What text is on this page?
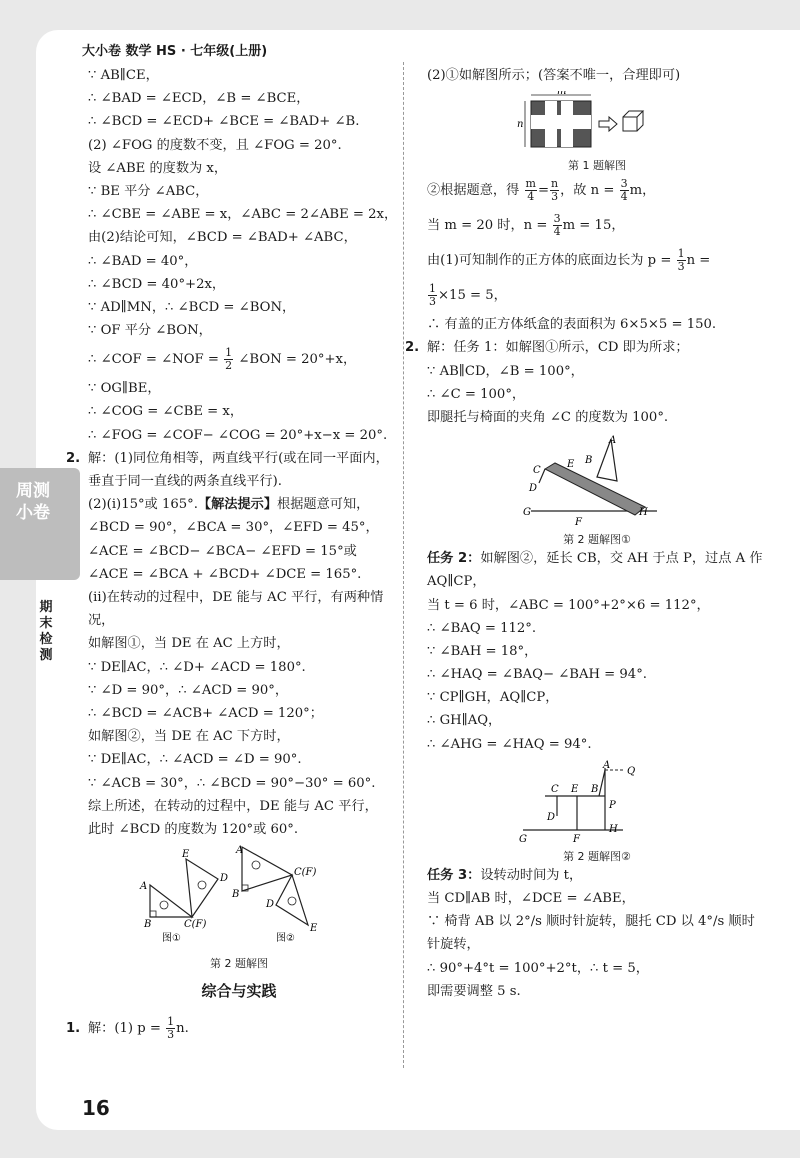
大小卷 数学 HS · 七年级(上册)
周测小卷
期末检测
∵ AB∥CE，
∴ ∠BAD = ∠ECD，∠B = ∠BCE，
∴ ∠BCD = ∠ECD+ ∠BCE = ∠BAD+ ∠B.
(2) ∠FOG 的度数不变，且 ∠FOG = 20°.
设 ∠ABE 的度数为 x，
∵ BE 平分 ∠ABC，
∴ ∠CBE = ∠ABE = x，∠ABC = 2∠ABE = 2x，
由(2)结论可知，∠BCD = ∠BAD+ ∠ABC，
∴ ∠BAD = 40°，
∴ ∠BCD = 40°+2x，
∵ AD∥MN，∴ ∠BCD = ∠BON，
∵ OF 平分 ∠BON，
∴ ∠COF = ∠NOF = $\frac{1}{2}$ ∠BON = 20°+x，
∵ OG∥BE，
∴ ∠COG = ∠CBE = x，
∴ ∠FOG = ∠COF− ∠COG = 20°+x−x = 20°.
2. 解：(1)同位角相等，两直线平行(或在同一平面内，垂直于同一直线的两条直线平行).
(2)(ⅰ)15°或 165°.【解法提示】根据题意可知，∠BCD = 90°，∠BCA = 30°，∠EFD = 45°，∠ACE = ∠BCD− ∠BCA− ∠EFD = 15°或 ∠ACE = ∠BCA + ∠BCD+ ∠DCE = 165°.
(ⅱ)在转动的过程中，DE 能与 AC 平行，有两种情况，
如解图①，当 DE 在 AC 上方时，
∵ DE∥AC，∴ ∠D+ ∠ACD = 180°.
∵ ∠D = 90°，∴ ∠ACD = 90°，
∴ ∠BCD = ∠ACB+ ∠ACD = 120°；
如解图②，当 DE 在 AC 下方时，
∵ DE∥AC，∴ ∠ACD = ∠D = 90°.
∵ ∠ACB = 30°，∴ ∠BCD = 90°−30° = 60°.
综上所述，在转动的过程中，DE 能与 AC 平行，此时 ∠BCD 的度数为 120°或 60°.
A
B	C(F)
E
D
图①
A
B
C(F)
D
E
图②
第 2 题解图
综合与实践
1. 解：(1) $p = \frac{1}{3} n$.
(2)①如解图所示；(答案不唯一，合理即可)
m
n
第 1 题解图
②根据题意，得 $\frac{m}{4} = \frac{n}{3}$ ，故 $n = \frac{3}{4}$ m，
当 m = 20 时，$n = \frac{3}{4}$ m = 15，
由(1)可知制作的正方体的底面边长为 $p = \frac{1}{3}$ n =
$\frac{1}{3} \times 15 = 5$，
∴ 有盖的正方体纸盒的表面积为 6×5×5 = 150.
2. 解：任务 1：如解图①所示，CD 即为所求；
∵ AB∥CD，∠B = 100°，
∴ ∠C = 100°，
即腿托与椅面的夹角 ∠C 的度数为 100°.
C
D
E B
A
F
G	H
第 2 题解图①
任务 2：如解图②，延长 CB，交 AH 于点 P，过点 A 作 AQ∥CP，
当 t = 6 时，∠ABC = 100°+2°×6 = 112°，
∴ ∠BAQ = 112°.
∵ ∠BAH = 18°，
∴ ∠HAQ = ∠BAQ− ∠BAH = 94°.
∵ CP∥GH，AQ∥CP，
∴ GH∥AQ，
∴ ∠AHG = ∠HAQ = 94°.
C E B
A
Q
P
D
H
G	F
第 2 题解图②
任务 3：设转动时间为 t，
当 CD∥AB 时，∠DCE = ∠ABE，
∵ 椅背 AB 以 2°/s 顺时针旋转，腿托 CD 以 4°/s 顺时针旋转，
∴ 90°+4°t = 100°+2°t，∴ t = 5，
即需要调整 5 s.
16
